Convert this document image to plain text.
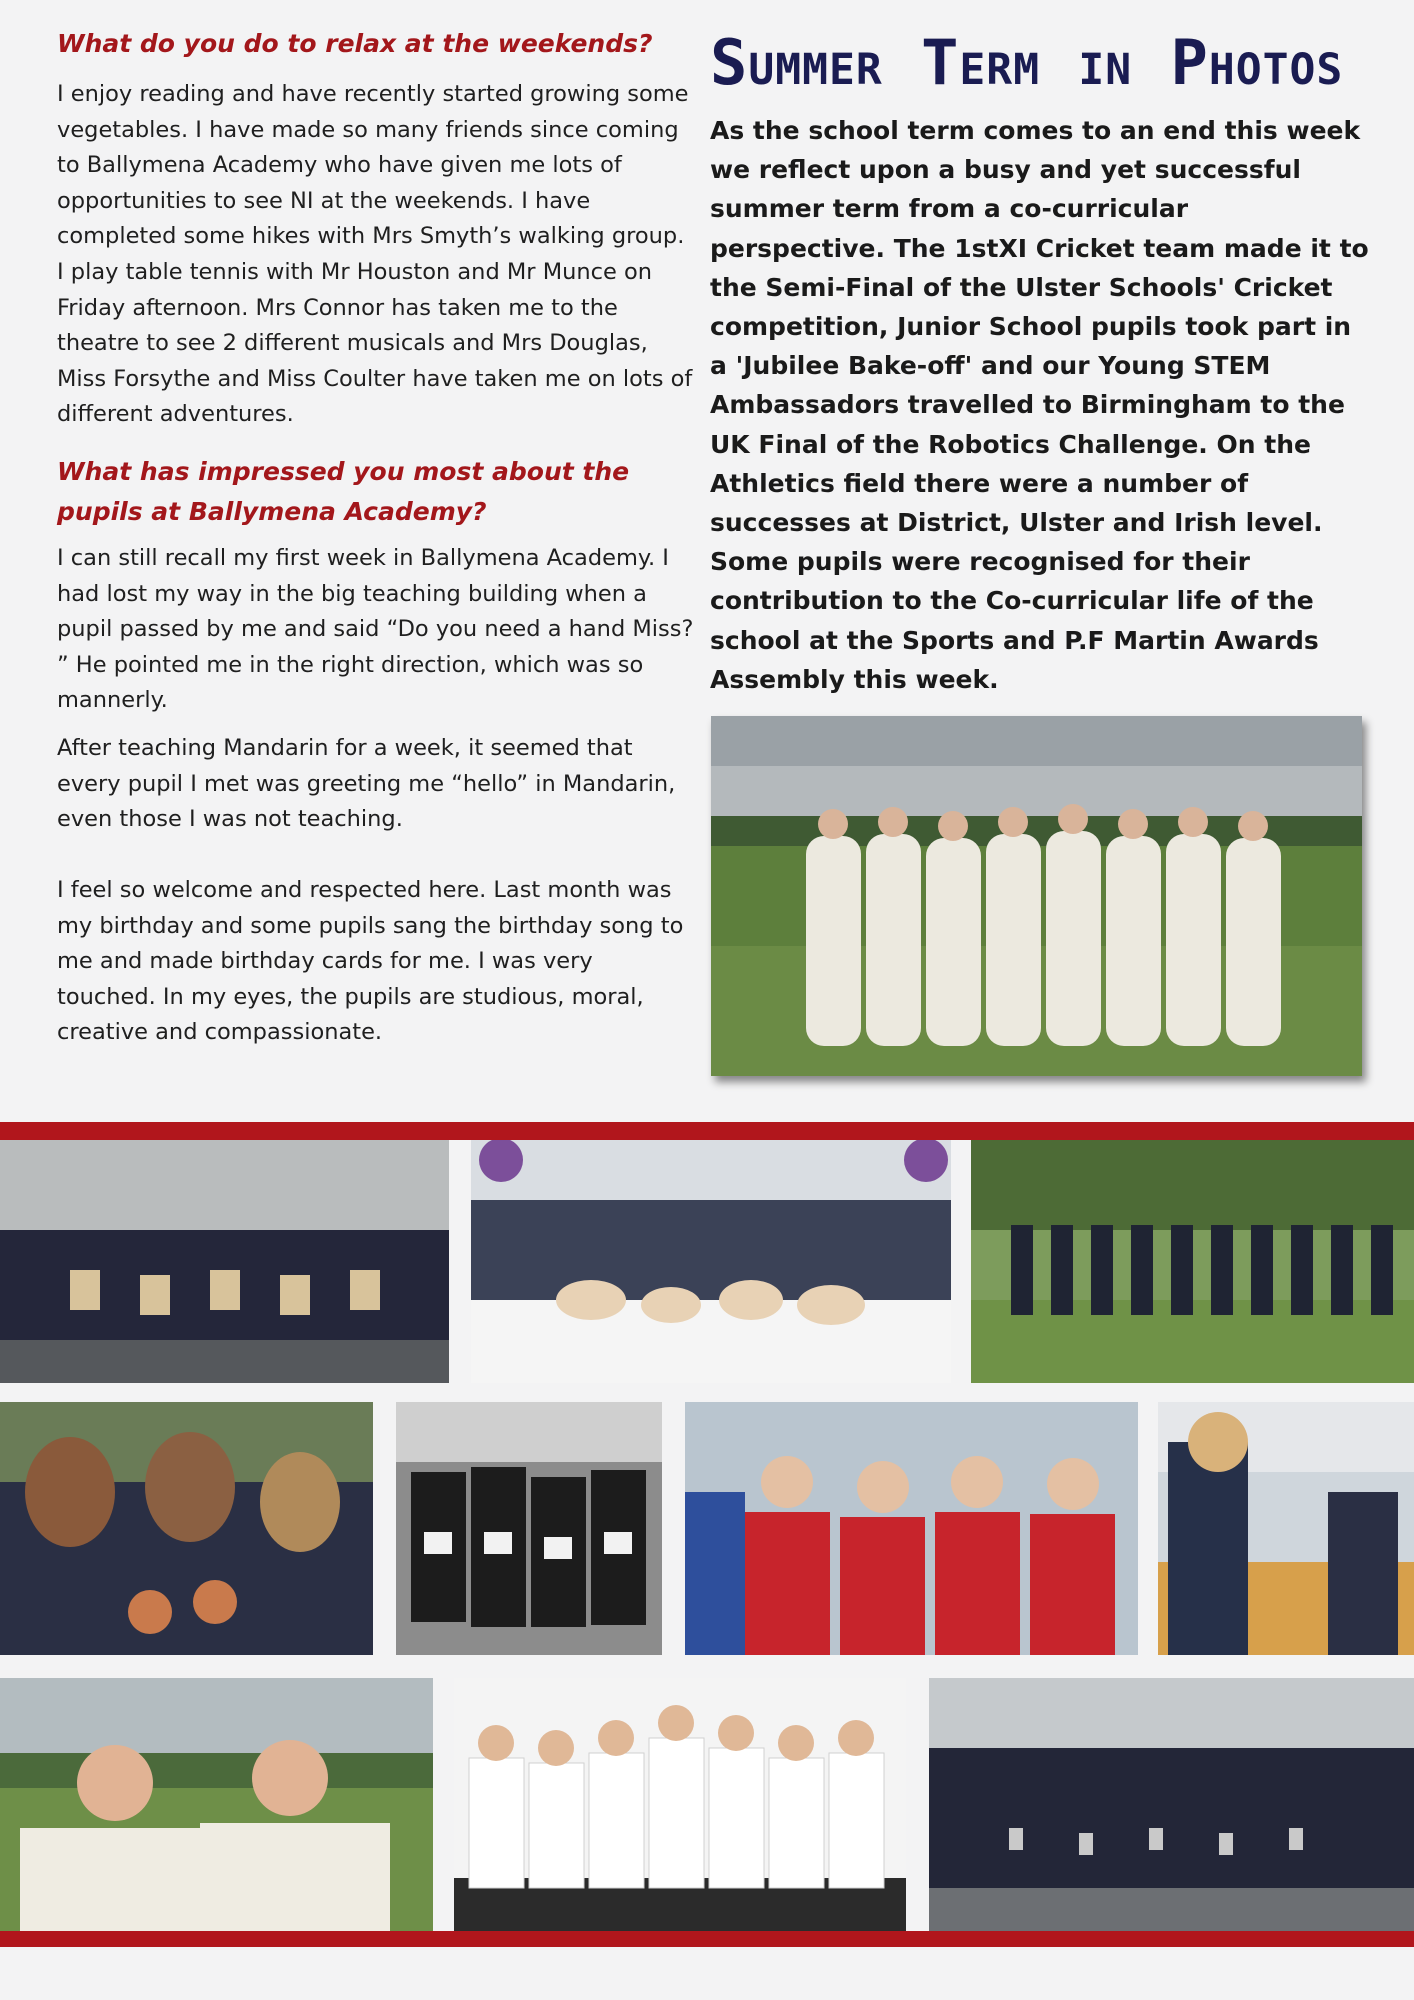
What do you do to relax at the weekends?

I enjoy reading and have recently started growing some vegetables. I have made so many friends since coming to Ballymena Academy who have given me lots of opportunities to see NI at the weekends. I have completed some hikes with Mrs Smyth’s walking group. I play table tennis with Mr Houston and Mr Munce on Friday afternoon. Mrs Connor has taken me to the theatre to see 2 different musicals and Mrs Douglas, Miss Forsythe and Miss Coulter have taken me on lots of different adventures.

What has impressed you most about the pupils at Ballymena Academy?

I can still recall my first week in Ballymena Academy. I had lost my way in the big teaching building when a pupil passed by me and said “Do you need a hand Miss? ” He pointed me in the right direction, which was so mannerly.

After teaching Mandarin for a week, it seemed that every pupil I met was greeting me “hello” in Mandarin, even those I was not teaching.

I feel so welcome and respected here. Last month was my birthday and some pupils sang the birthday song to me and made birthday cards for me. I was very touched. In my eyes, the pupils are studious, moral, creative and compassionate.

Summer Term in Photos

As the school term comes to an end this week we reflect upon a busy and yet successful summer term from a co-curricular perspective. The 1stXI Cricket team made it to the Semi-Final of the Ulster Schools' Cricket competition, Junior School pupils took part in a 'Jubilee Bake-off' and our Young STEM Ambassadors travelled to Birmingham to the UK Final of the Robotics Challenge. On the Athletics field there were a number of successes at District, Ulster and Irish level. Some pupils were recognised for their contribution to the Co-curricular life of the school at the Sports and P.F Martin Awards Assembly this week.
